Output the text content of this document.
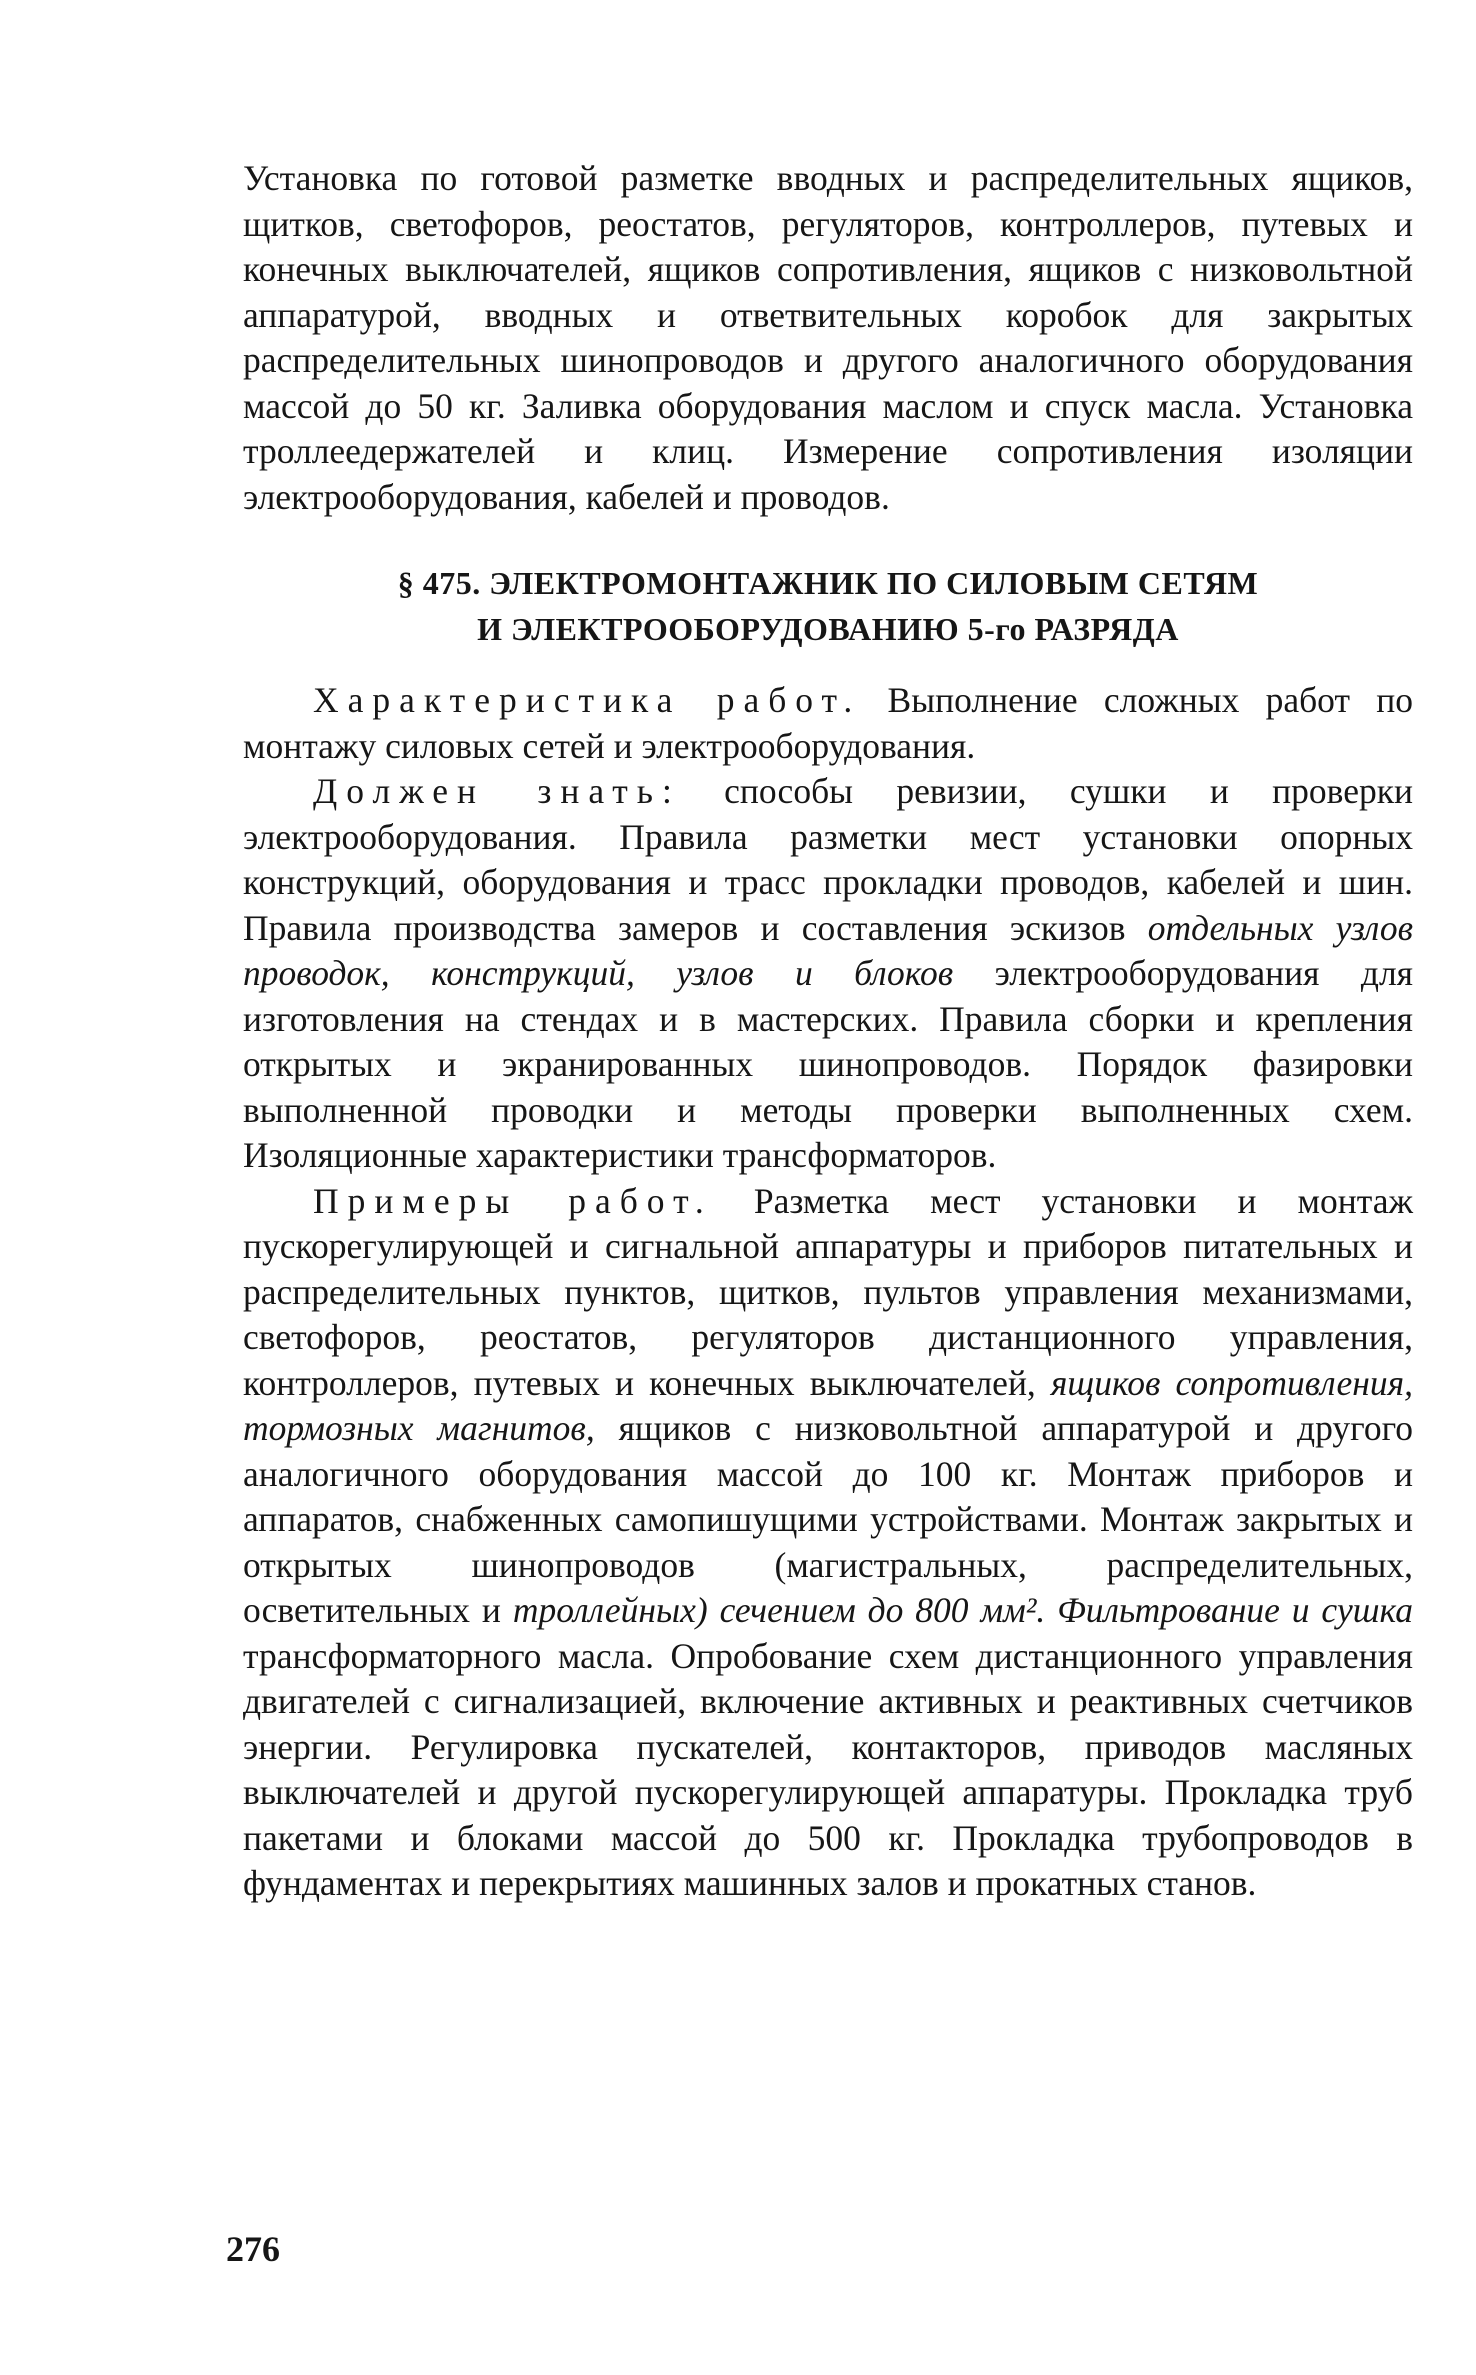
Установка по готовой разметке вводных и распределительных ящиков, щитков, светофоров, реостатов, регуляторов, контроллеров, путевых и конечных выключателей, ящиков сопротивления, ящиков с низковольтной аппаратурой, вводных и ответвительных коробок для закрытых распределительных шинопроводов и другого аналогичного оборудования массой до 50 кг. Заливка оборудования маслом и спуск масла. Установка троллеедержателей и клиц. Измерение сопротивления изоляции электрооборудования, кабелей и проводов.

§ 475. ЭЛЕКТРОМОНТАЖНИК ПО СИЛОВЫМ СЕТЯМ
И ЭЛЕКТРООБОРУДОВАНИЮ 5-го РАЗРЯДА

Характеристика работ. Выполнение сложных работ по монтажу силовых сетей и электрооборудования.

Должен знать: способы ревизии, сушки и проверки электрооборудования. Правила разметки мест установки опорных конструкций, оборудования и трасс прокладки проводов, кабелей и шин. Правила производства замеров и составления эскизов отдельных узлов проводок, конструкций, узлов и блоков электрооборудования для изготовления на стендах и в мастерских. Правила сборки и крепления открытых и экранированных шинопроводов. Порядок фазировки выполненной проводки и методы проверки выполненных схем. Изоляционные характеристики трансформаторов.

Примеры работ. Разметка мест установки и монтаж пускорегулирующей и сигнальной аппаратуры и приборов питательных и распределительных пунктов, щитков, пультов управления механизмами, светофоров, реостатов, регуляторов дистанционного управления, контроллеров, путевых и конечных выключателей, ящиков сопротивления, тормозных магнитов, ящиков с низковольтной аппаратурой и другого аналогичного оборудования массой до 100 кг. Монтаж приборов и аппаратов, снабженных самопишущими устройствами. Монтаж закрытых и открытых шинопроводов (магистральных, распределительных, осветительных и троллейных) сечением до 800 мм². Фильтрование и сушка трансформаторного масла. Опробование схем дистанционного управления двигателей с сигнализацией, включение активных и реактивных счетчиков энергии. Регулировка пускателей, контакторов, приводов масляных выключателей и другой пускорегулирующей аппаратуры. Прокладка труб пакетами и блоками массой до 500 кг. Прокладка трубопроводов в фундаментах и перекрытиях машинных залов и прокатных станов.

276
